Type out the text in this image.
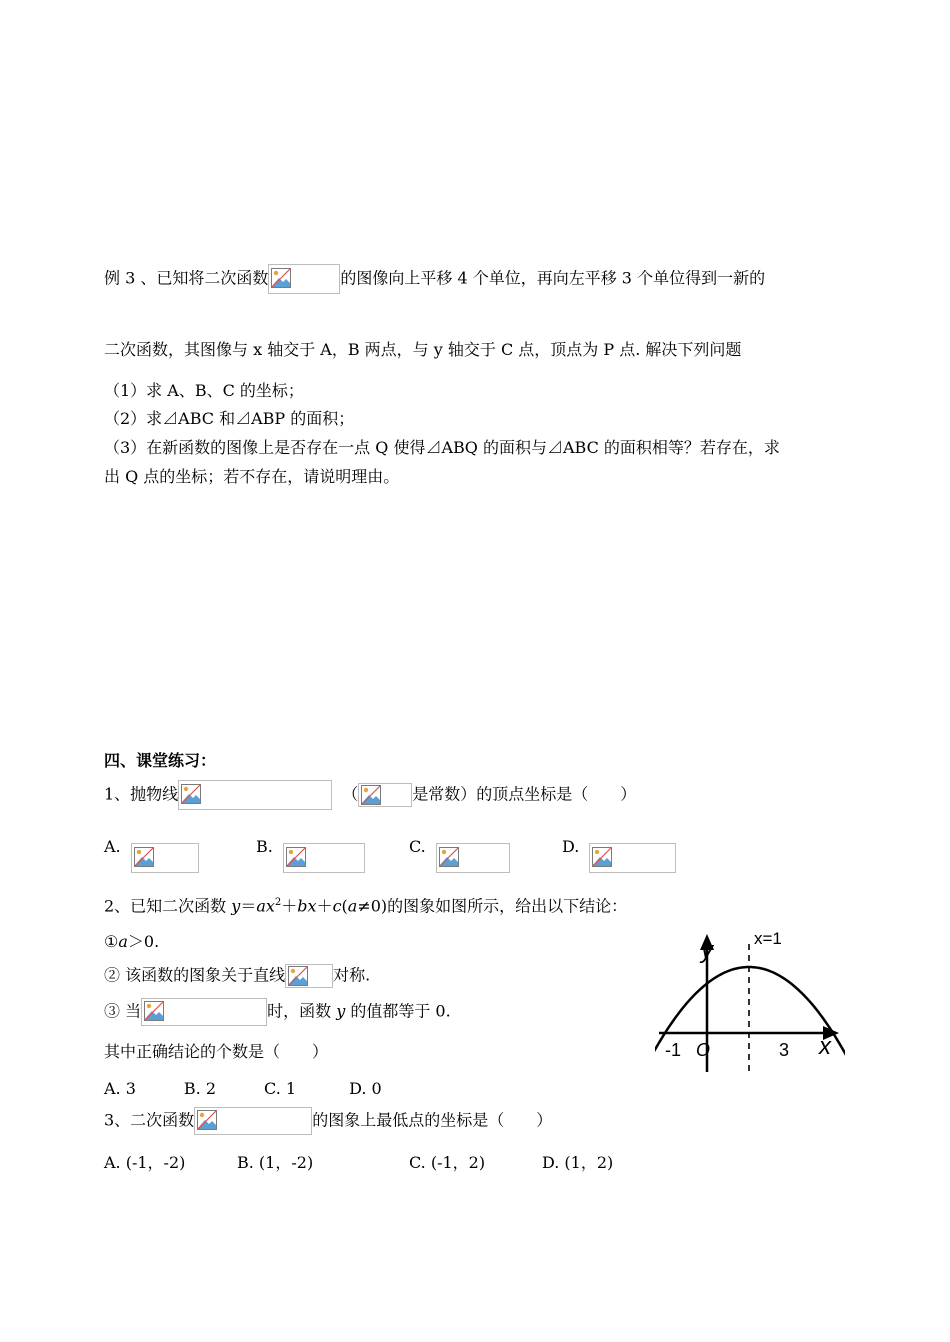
例 3 、已知将二次函数	的图像向上平移 4 个单位，再向左平移 3 个单位得到一新的
二次函数，其图像与 x 轴交于 A，B 两点，与 y 轴交于 C 点，顶点为 P 点. 解决下列问题
（1）求 A、B、C 的坐标；
（2）求⊿ABC 和⊿ABP 的面积；
（3）在新函数的图像上是否存在一点 Q 使得⊿ABQ 的面积与⊿ABC 的面积相等？若存在，求
出 Q 点的坐标；若不存在，请说明理由。
四、课堂练习：
1、抛物线	（	是常数）的顶点坐标是（　　）
A.	B.	C.	D.
2、已知二次函数 $y=ax^2+bx+c(a\ne 0)$的图象如图所示，给出以下结论：
①a＞0.
② 该函数的图象关于直线	对称.
③ 当	时，函数 y 的值都等于 0.
其中正确结论的个数是（　　）
A. 3　　　B. 2　　　C. 1　　　 D. 0
y x=1
x
-1 O	3
3、二次函数	的图象上最低点的坐标是（　　）
A. (-1，-2)	B. (1，-2)	C. (-1，2)	D. (1，2)
